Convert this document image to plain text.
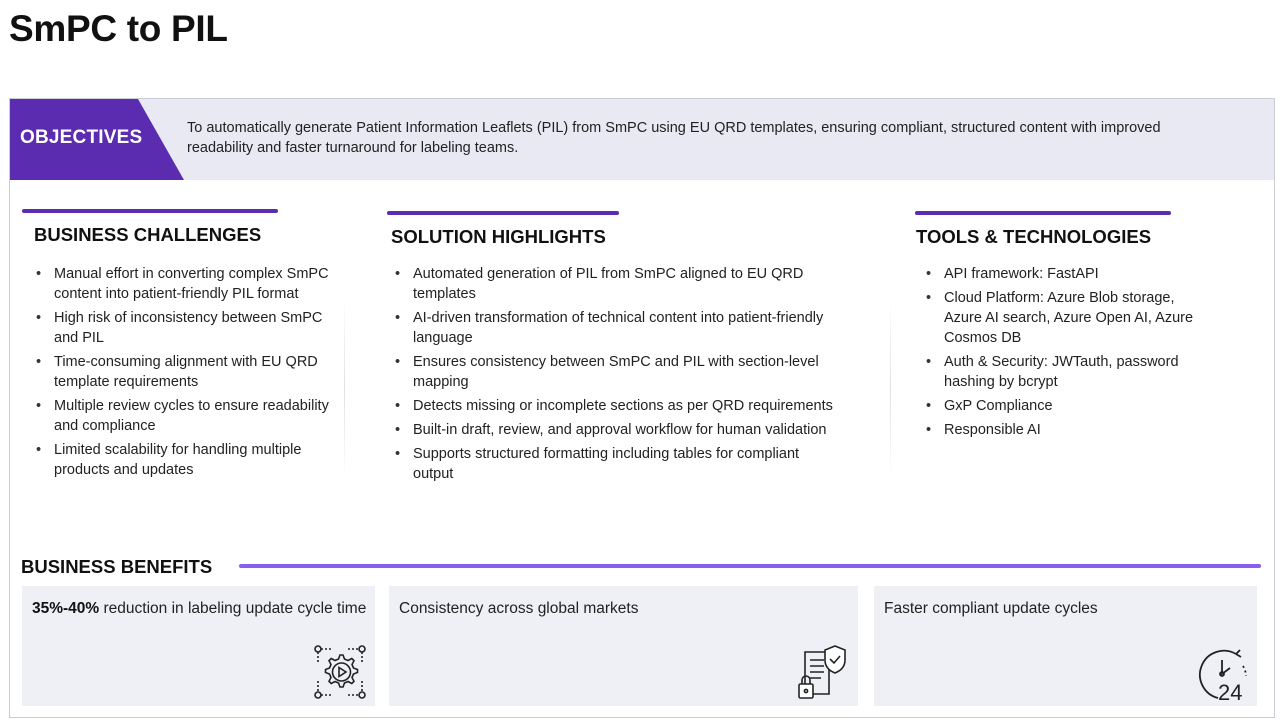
SmPC to PIL
OBJECTIVES	To automatically generate Patient Information Leaflets (PIL) from SmPC using EU QRD templates, ensuring compliant, structured content with improved readability and faster turnaround for labeling teams.
BUSINESS CHALLENGES
• Manual effort in converting complex SmPC content into patient-friendly PIL format
• High risk of inconsistency between SmPC and PIL
• Time-consuming alignment with EU QRD template requirements
• Multiple review cycles to ensure readability and compliance
• Limited scalability for handling multiple products and updates
SOLUTION HIGHLIGHTS
• Automated generation of PIL from SmPC aligned to EU QRD templates
• AI-driven transformation of technical content into patient-friendly language
• Ensures consistency between SmPC and PIL with section-level mapping
• Detects missing or incomplete sections as per QRD requirements
• Built-in draft, review, and approval workflow for human validation
• Supports structured formatting including tables for compliant output
TOOLS & TECHNOLOGIES
• API framework: FastAPI
• Cloud Platform: Azure Blob storage, Azure AI search, Azure Open AI, Azure Cosmos DB
• Auth & Security: JWTauth, password hashing by bcrypt
• GxP Compliance
• Responsible AI
BUSINESS BENEFITS
35%-40% reduction in labeling update cycle time Consistency across global markets	Faster compliant update cycles
24
